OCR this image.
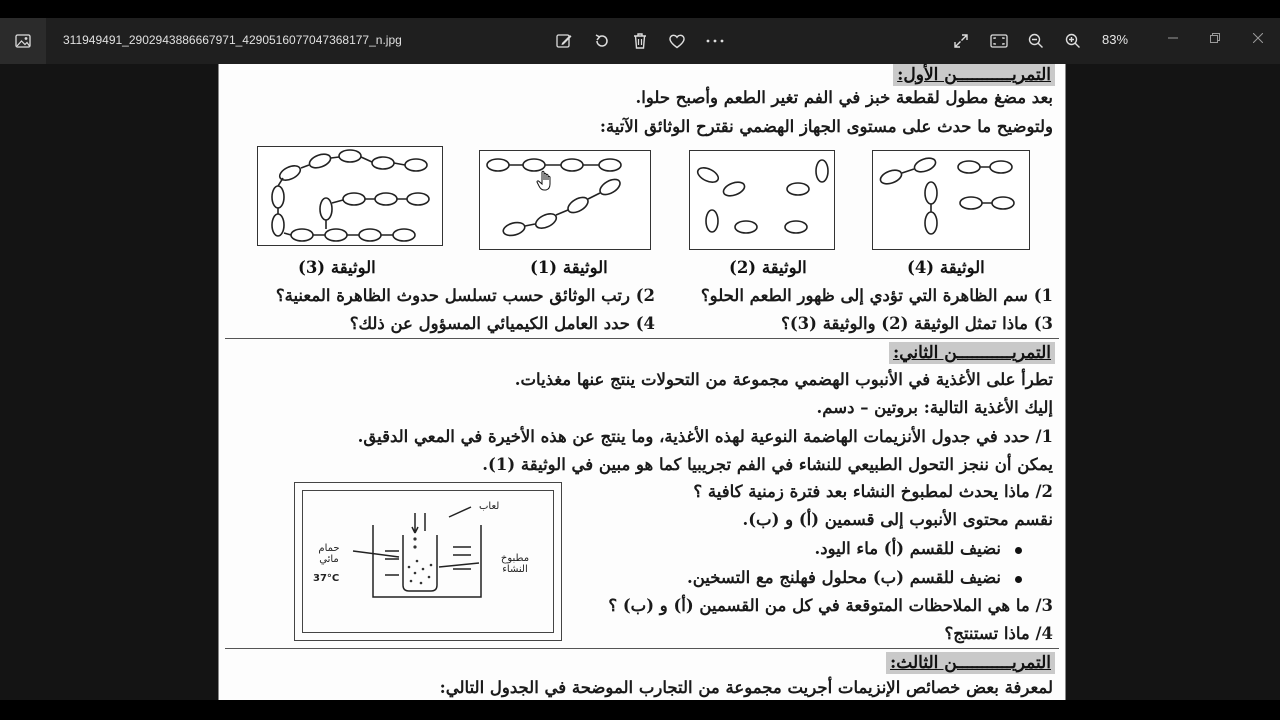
311949491_2902943886667971_4290516077047368177_n.jpg	83%
التمريـــــــــــن الأول:
بعد مضغ مطول لقطعة خبز في الفم تغير الطعم وأصبح حلوا.
ولتوضيح ما حدث على مستوى الجهاز الهضمي نقترح الوثائق الآتية:
الوثيقة (3)	الوثيقة (1)	الوثيقة (2)	الوثيقة (4)
1) سم الظاهرة التي تؤدي إلى ظهور الطعم الحلو؟
2) رتب الوثائق حسب تسلسل حدوث الظاهرة المعنية؟
3) ماذا تمثل الوثيقة (2) والوثيقة (3)؟
4) حدد العامل الكيميائي المسؤول عن ذلك؟
التمريـــــــــــن الثاني:
تطرأ على الأغذية في الأنبوب الهضمي مجموعة من التحولات ينتج عنها مغذيات.
إليك الأغذية التالية: بروتين – دسم.
1/ حدد في جدول الأنزيمات الهاضمة النوعية لهذه الأغذية، وما ينتج عن هذه الأخيرة في المعي الدقيق.
يمكن أن ننجز التحول الطبيعي للنشاء في الفم تجريبيا كما هو مبين في الوثيقة (1).
2/ ماذا يحدث لمطبوخ النشاء بعد فترة زمنية كافية ؟
نقسم محتوى الأنبوب إلى قسمين (أ) و (ب).
نضيف للقسم (أ) ماء اليود.
نضيف للقسم (ب) محلول فهلنج مع التسخين.
3/ ما هي الملاحظات المتوقعة في كل من القسمين (أ) و (ب) ؟
4/ ماذا تستنتج؟
لعاب
حمام مائي
37°C
مطبوخ النشاء
التمريـــــــــــن الثالث:
لمعرفة بعض خصائص الإنزيمات أجريت مجموعة من التجارب الموضحة في الجدول التالي:
